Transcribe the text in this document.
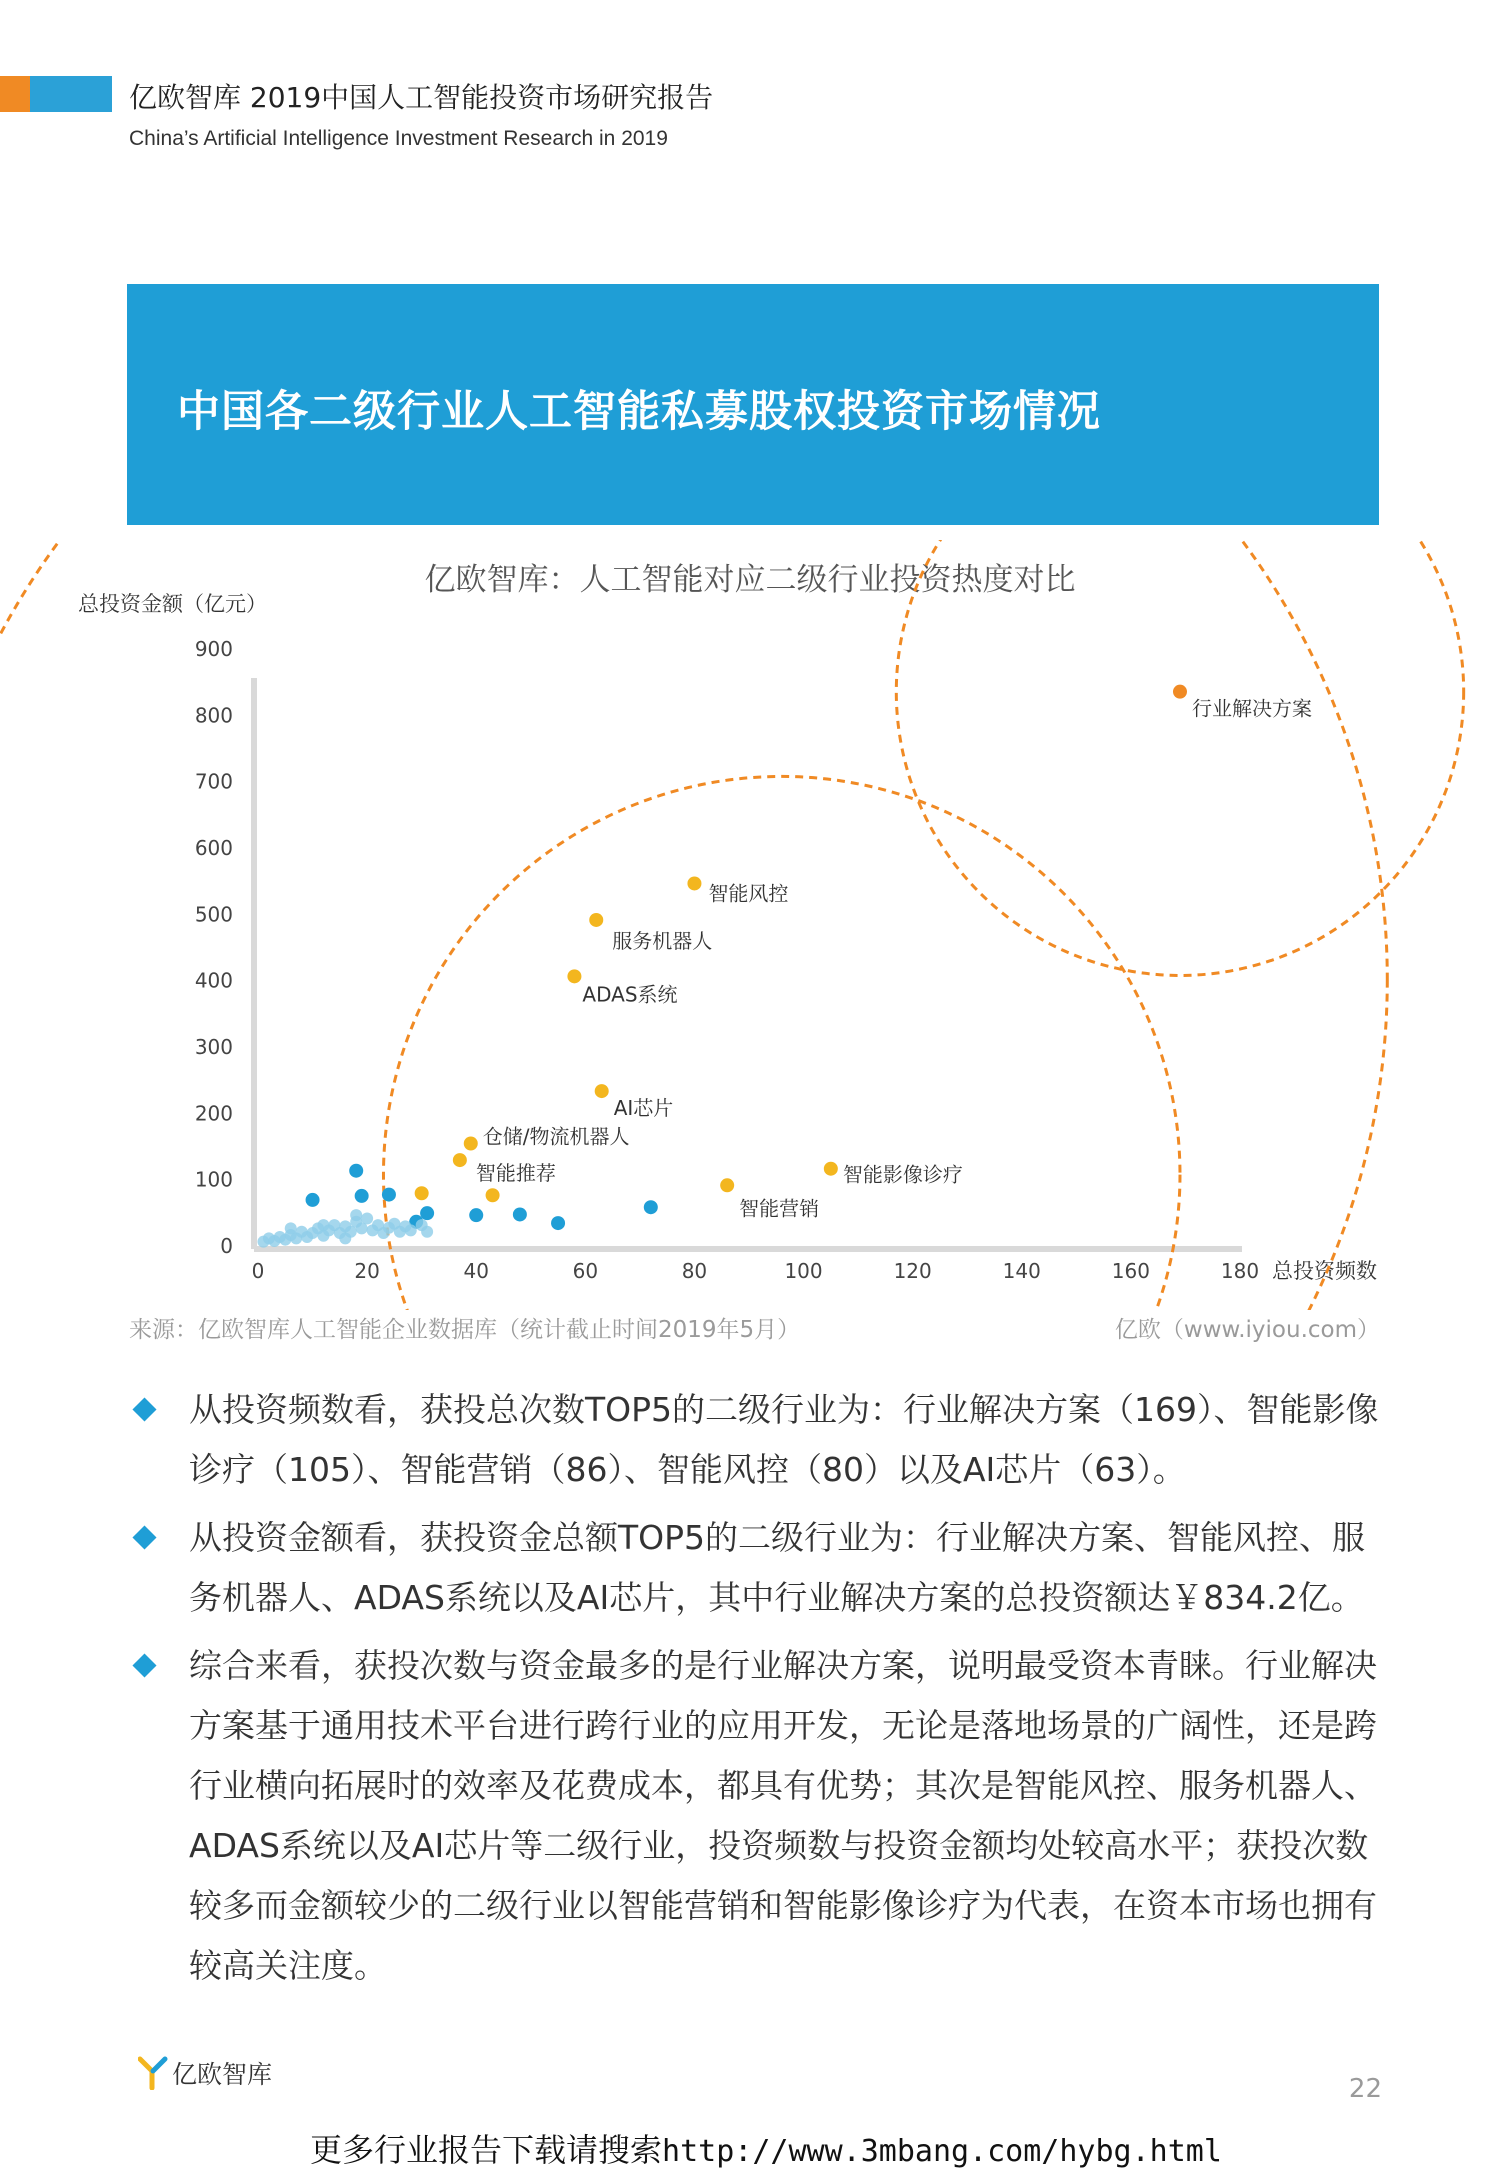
亿欧智库 2019中国人工智能投资市场研究报告
China’s Artificial Intelligence Investment Research in 2019
中国各二级行业人工智能私募股权投资市场情况
亿欧智库：人工智能对应二级行业投资热度对比
总投资金额（亿元）
总投资频数
0
100
200
300
400
500
600
700
800
900
0	20	40	60	80	100	120	140	160	180
行业解决方案
智能风控
服务机器人
ADAS系统
AI芯片
仓储/物流机器人
智能推荐	智能影像诊疗
智能营销
来源：亿欧智库人工智能企业数据库（统计截止时间2019年5月）	亿欧（www.iyiou.com）
从投资频数看，获投总次数TOP5的二级行业为：行业解决方案（169）、智能影像诊疗（105）、智能营销（86）、智能风控（80）以及AI芯片（63）。
从投资金额看，获投资金总额TOP5的二级行业为：行业解决方案、智能风控、服务机器人、ADAS系统以及AI芯片，其中行业解决方案的总投资额达￥834.2亿。
综合来看，获投次数与资金最多的是行业解决方案，说明最受资本青睐。行业解决方案基于通用技术平台进行跨行业的应用开发，无论是落地场景的广阔性，还是跨行业横向拓展时的效率及花费成本，都具有优势；其次是智能风控、服务机器人、ADAS系统以及AI芯片等二级行业，投资频数与投资金额均处较高水平；获投次数较多而金额较少的二级行业以智能营销和智能影像诊疗为代表，在资本市场也拥有较高关注度。
亿欧智库	22
更多行业报告下载请搜索http://www.3mbang.com/hybg.html
